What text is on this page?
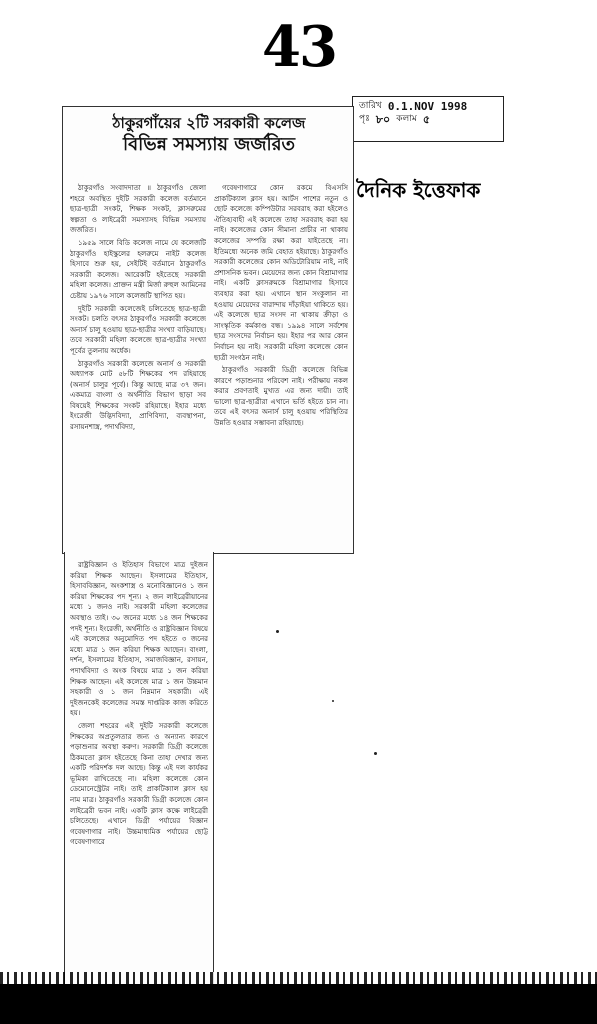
43
তারিখ 0.1.NOV 1998
পৃঃ ৮০ কলাম ৫
দৈনিক ইত্তেফাক
ঠাকুরগাঁয়ের ২টি সরকারী কলেজ
বিভিন্ন সমস্যায় জর্জরিত

ঠাকুরগাঁও সংবাদদাতা ॥ ঠাকুরগাঁও জেলা শহরে অবস্থিত দুইটি সরকারী কলেজ বর্তমানে ছাত্র-ছাত্রী সংকট, শিক্ষক সংকট, ক্লাসরুমের স্বল্পতা ও লাইব্রেরী সমস্যাসহ বিভিন্ন সমস্যায় জর্জরিত।

১৯৫৯ সালে বিডি কলেজ নামে যে কলেজটি ঠাকুরগাঁও হাইস্কুলের হলরুমে নাইট কলেজ হিসাবে শুরু হয়, সেইটিই বর্তমানে ঠাকুরগাঁও সরকারী কলেজ। আরেকটি হইতেছে সরকারী মহিলা কলেজ। প্রাক্তন মন্ত্রী মির্জা রুহুল আমিনের চেষ্টায় ১৯৭৬ সালে কলেজটি স্থাপিত হয়।

দুইটি সরকারী কলেজেই চলিতেছে ছাত্র-ছাত্রী সংকট। চলতি বৎসর ঠাকুরগাঁও সরকারী কলেজে অনার্স চালু হওয়ায় ছাত্র-ছাত্রীর সংখ্যা বাড়িয়াছে। তবে সরকারী মহিলা কলেজে ছাত্র-ছাত্রীর সংখ্যা পূর্বের তুলনায় অর্ধেক।

ঠাকুরগাঁও সরকারী কলেজে অনার্স ও সরকারী অধ্যাপক মোট ৫৮টি শিক্ষকের পদ রহিয়াছে (অনার্স চালুর পূর্বে)। কিন্তু আছে মাত্র ৩৭ জন। একমাত্র বাংলা ও অর্থনীতি বিভাগ ছাড়া সব বিষয়েই শিক্ষকের সংকট রহিয়াছে। ইহার মধ্যে ইংরেজী উদ্ভিদবিদ্যা, প্রাণিবিদ্যা, ব্যবস্থাপনা, রসায়নশাস্ত্র, পদার্থবিদ্যা,

গবেষণাগারে কোন রকমে বিএসসি প্রাকটিক্যাল ক্লাস হয়। আর্টস পাশের নতুন ও ছোট কলেজে কম্পিউটার সরবরাহ করা হইলেও ঐতিহ্যবাহী এই কলেজে তাহা সরবরাহ করা হয় নাই। কলেজের কোন সীমানা প্রাচীর না থাকায় কলেজের সম্পত্তি রক্ষা করা যাইতেছে না। ইতিমধ্যে অনেক জমি বেহাত হইয়াছে। ঠাকুরগাঁও সরকারী কলেজের কোন অডিটোরিয়াম নাই, নাই প্রশাসনিক ভবন। মেয়েদের জন্য কোন বিশ্রামাগার নাই। একটি ক্লাসরুমকে বিশ্রামাগার হিসাবে ব্যবহার করা হয়। এখানে স্থান সংকুলান না হওয়ায় মেয়েদের বারান্দায় দাঁড়াইয়া থাকিতে হয়। এই কলেজে ছাত্র সংসদ না থাকায় ক্রীড়া ও সাংস্কৃতিক কর্মকাণ্ড বন্ধ। ১৯৯৪ সালে সর্বশেষ ছাত্র সংসদের নির্বাচন হয়। ইহার পর আর কোন নির্বাচন হয় নাই। সরকারী মহিলা কলেজে কোন ছাত্রী সংগঠন নাই।

ঠাকুরগাঁও সরকারী ডিগ্রী কলেজে বিভিন্ন কারণে পড়াশুনার পরিবেশ নাই। পরীক্ষায় নকল করার প্রবণতাই মুখ্যত এর জন্য দায়ী। তাই ভালো ছাত্র-ছাত্রীরা এখানে ভর্তি হইতে চান না। তবে এই বৎসর অনার্স চালু হওয়ায় পরিস্থিতির উন্নতি হওয়ার সম্ভাবনা রহিয়াছে।

রাষ্ট্রবিজ্ঞান ও ইতিহাস বিভাগে মাত্র দুইজন করিয়া শিক্ষক আছেন। ইসলামের ইতিহাস, হিসাববিজ্ঞান, অংকশাস্ত্র ও মনোবিজ্ঞানেও ১ জন করিয়া শিক্ষকের পদ শূন্য। ২ জন লাইব্রেরীয়ানের মধ্যে ১ জনও নাই। সরকারী মহিলা কলেজের অবস্থাও তাই। ৩০ জনের মধ্যে ১৪ জন শিক্ষকের পদই শূন্য। ইংরেজী, অর্থনীতি ও রাষ্ট্রবিজ্ঞান বিষয়ে এই কলেজের অনুমোদিত পদ হইতে ৩ জনের মধ্যে মাত্র ১ জন করিয়া শিক্ষক আছেন। বাংলা, দর্শন, ইসলামের ইতিহাস, সমাজবিজ্ঞান, রসায়ন, পদার্থবিদ্যা ও অংক বিষয়ে মাত্র ১ জন করিয়া শিক্ষক আছেন। এই কলেজে মাত্র ১ জন উচ্চমান সহকারী ও ১ জন নিম্নমান সহকারী। এই দুইজনকেই কলেজের সমস্ত দাপ্তরিক কাজ করিতে হয়।

জেলা শহরের এই দুইটি সরকারী কলেজে শিক্ষকের অপ্রতুলতার জন্য ও অন্যান্য কারণে পড়াশুনার অবস্থা করুণ। সরকারী ডিগ্রী কলেজে ঠিকমতো ক্লাস হইতেছে কিনা তাহা দেখার জন্য একটি পরিদর্শক দল আছে। কিন্তু এই দল কার্যকর ভূমিকা রাখিতেছে না। মহিলা কলেজে কোন ডেমোনেস্ট্রেটর নাই। তাই প্রাকটিক্যাল ক্লাস হয় নাম মাত্র। ঠাকুরগাঁও সরকারী ডিগ্রী কলেজে কোন লাইব্রেরী ভবন নাই। একটি ক্লাস কক্ষে লাইব্রেরী চলিতেছে। এখানে ডিগ্রী পর্যায়ের বিজ্ঞান গবেষণাগার নাই। উচ্চমাধ্যমিক পর্যায়ের ছোট্ট গবেষণাগারে
